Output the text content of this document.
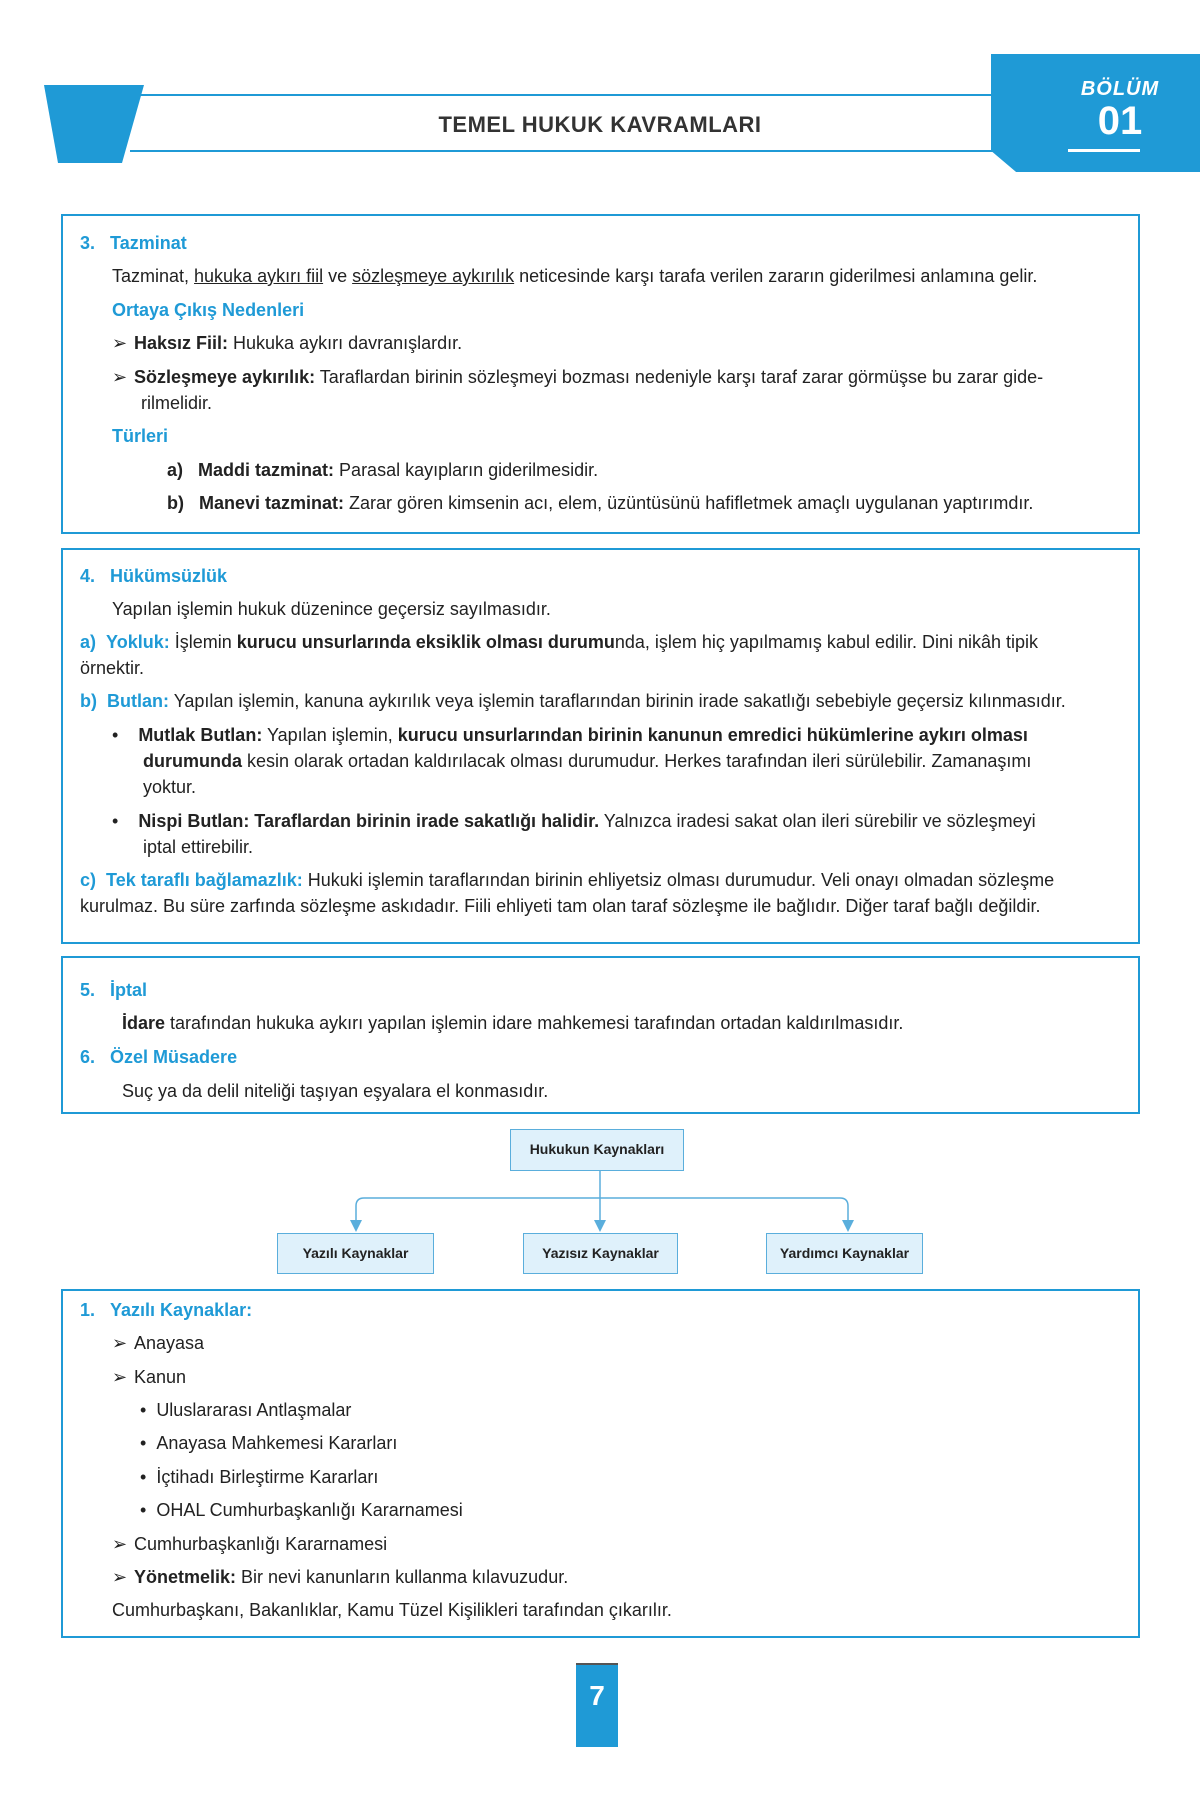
TEMEL HUKUK KAVRAMLARI
BÖLÜM
01
3. Tazminat
Tazminat, hukuka aykırı fiil ve sözleşmeye aykırılık neticesinde karşı tarafa verilen zararın giderilmesi anlamına gelir.
Ortaya Çıkış Nedenleri
➢ Haksız Fiil: Hukuka aykırı davranışlardır.
➢ Sözleşmeye aykırılık: Taraflardan birinin sözleşmeyi bozması nedeniyle karşı taraf zarar görmüşse bu zarar gide-
rilmelidir.
Türleri
a) Maddi tazminat: Parasal kayıpların giderilmesidir.
b) Manevi tazminat: Zarar gören kimsenin acı, elem, üzüntüsünü hafifletmek amaçlı uygulanan yaptırımdır.
4. Hükümsüzlük
Yapılan işlemin hukuk düzenince geçersiz sayılmasıdır.
a) Yokluk: İşlemin kurucu unsurlarında eksiklik olması durumunda, işlem hiç yapılmamış kabul edilir. Dini nikâh tipik
örnektir.
b) Butlan: Yapılan işlemin, kanuna aykırılık veya işlemin taraflarından birinin irade sakatlığı sebebiyle geçersiz kılınmasıdır.
•    Mutlak Butlan: Yapılan işlemin, kurucu unsurlarından birinin kanunun emredici hükümlerine aykırı olması
durumunda kesin olarak ortadan kaldırılacak olması durumudur. Herkes tarafından ileri sürülebilir. Zamanaşımı
yoktur.
•    Nispi Butlan: Taraflardan birinin irade sakatlığı halidir. Yalnızca iradesi sakat olan ileri sürebilir ve sözleşmeyi
iptal ettirebilir.
c) Tek taraflı bağlamazlık: Hukuki işlemin taraflarından birinin ehliyetsiz olması durumudur. Veli onayı olmadan sözleşme
kurulmaz. Bu süre zarfında sözleşme askıdadır. Fiili ehliyeti tam olan taraf sözleşme ile bağlıdır. Diğer taraf bağlı değildir.
5. İptal
İdare tarafından hukuka aykırı yapılan işlemin idare mahkemesi tarafından ortadan kaldırılmasıdır.
6. Özel Müsadere
Suç ya da delil niteliği taşıyan eşyalara el konmasıdır.
Hukukun Kaynakları
Yazılı Kaynaklar	Yazısız Kaynaklar	Yardımcı Kaynaklar
1. Yazılı Kaynaklar:
➢ Anayasa
➢ Kanun
•  Uluslararası Antlaşmalar
•  Anayasa Mahkemesi Kararları
•  İçtihadı Birleştirme Kararları
•  OHAL Cumhurbaşkanlığı Kararnamesi
➢ Cumhurbaşkanlığı Kararnamesi
➢ Yönetmelik: Bir nevi kanunların kullanma kılavuzudur.
Cumhurbaşkanı, Bakanlıklar, Kamu Tüzel Kişilikleri tarafından çıkarılır.
7
